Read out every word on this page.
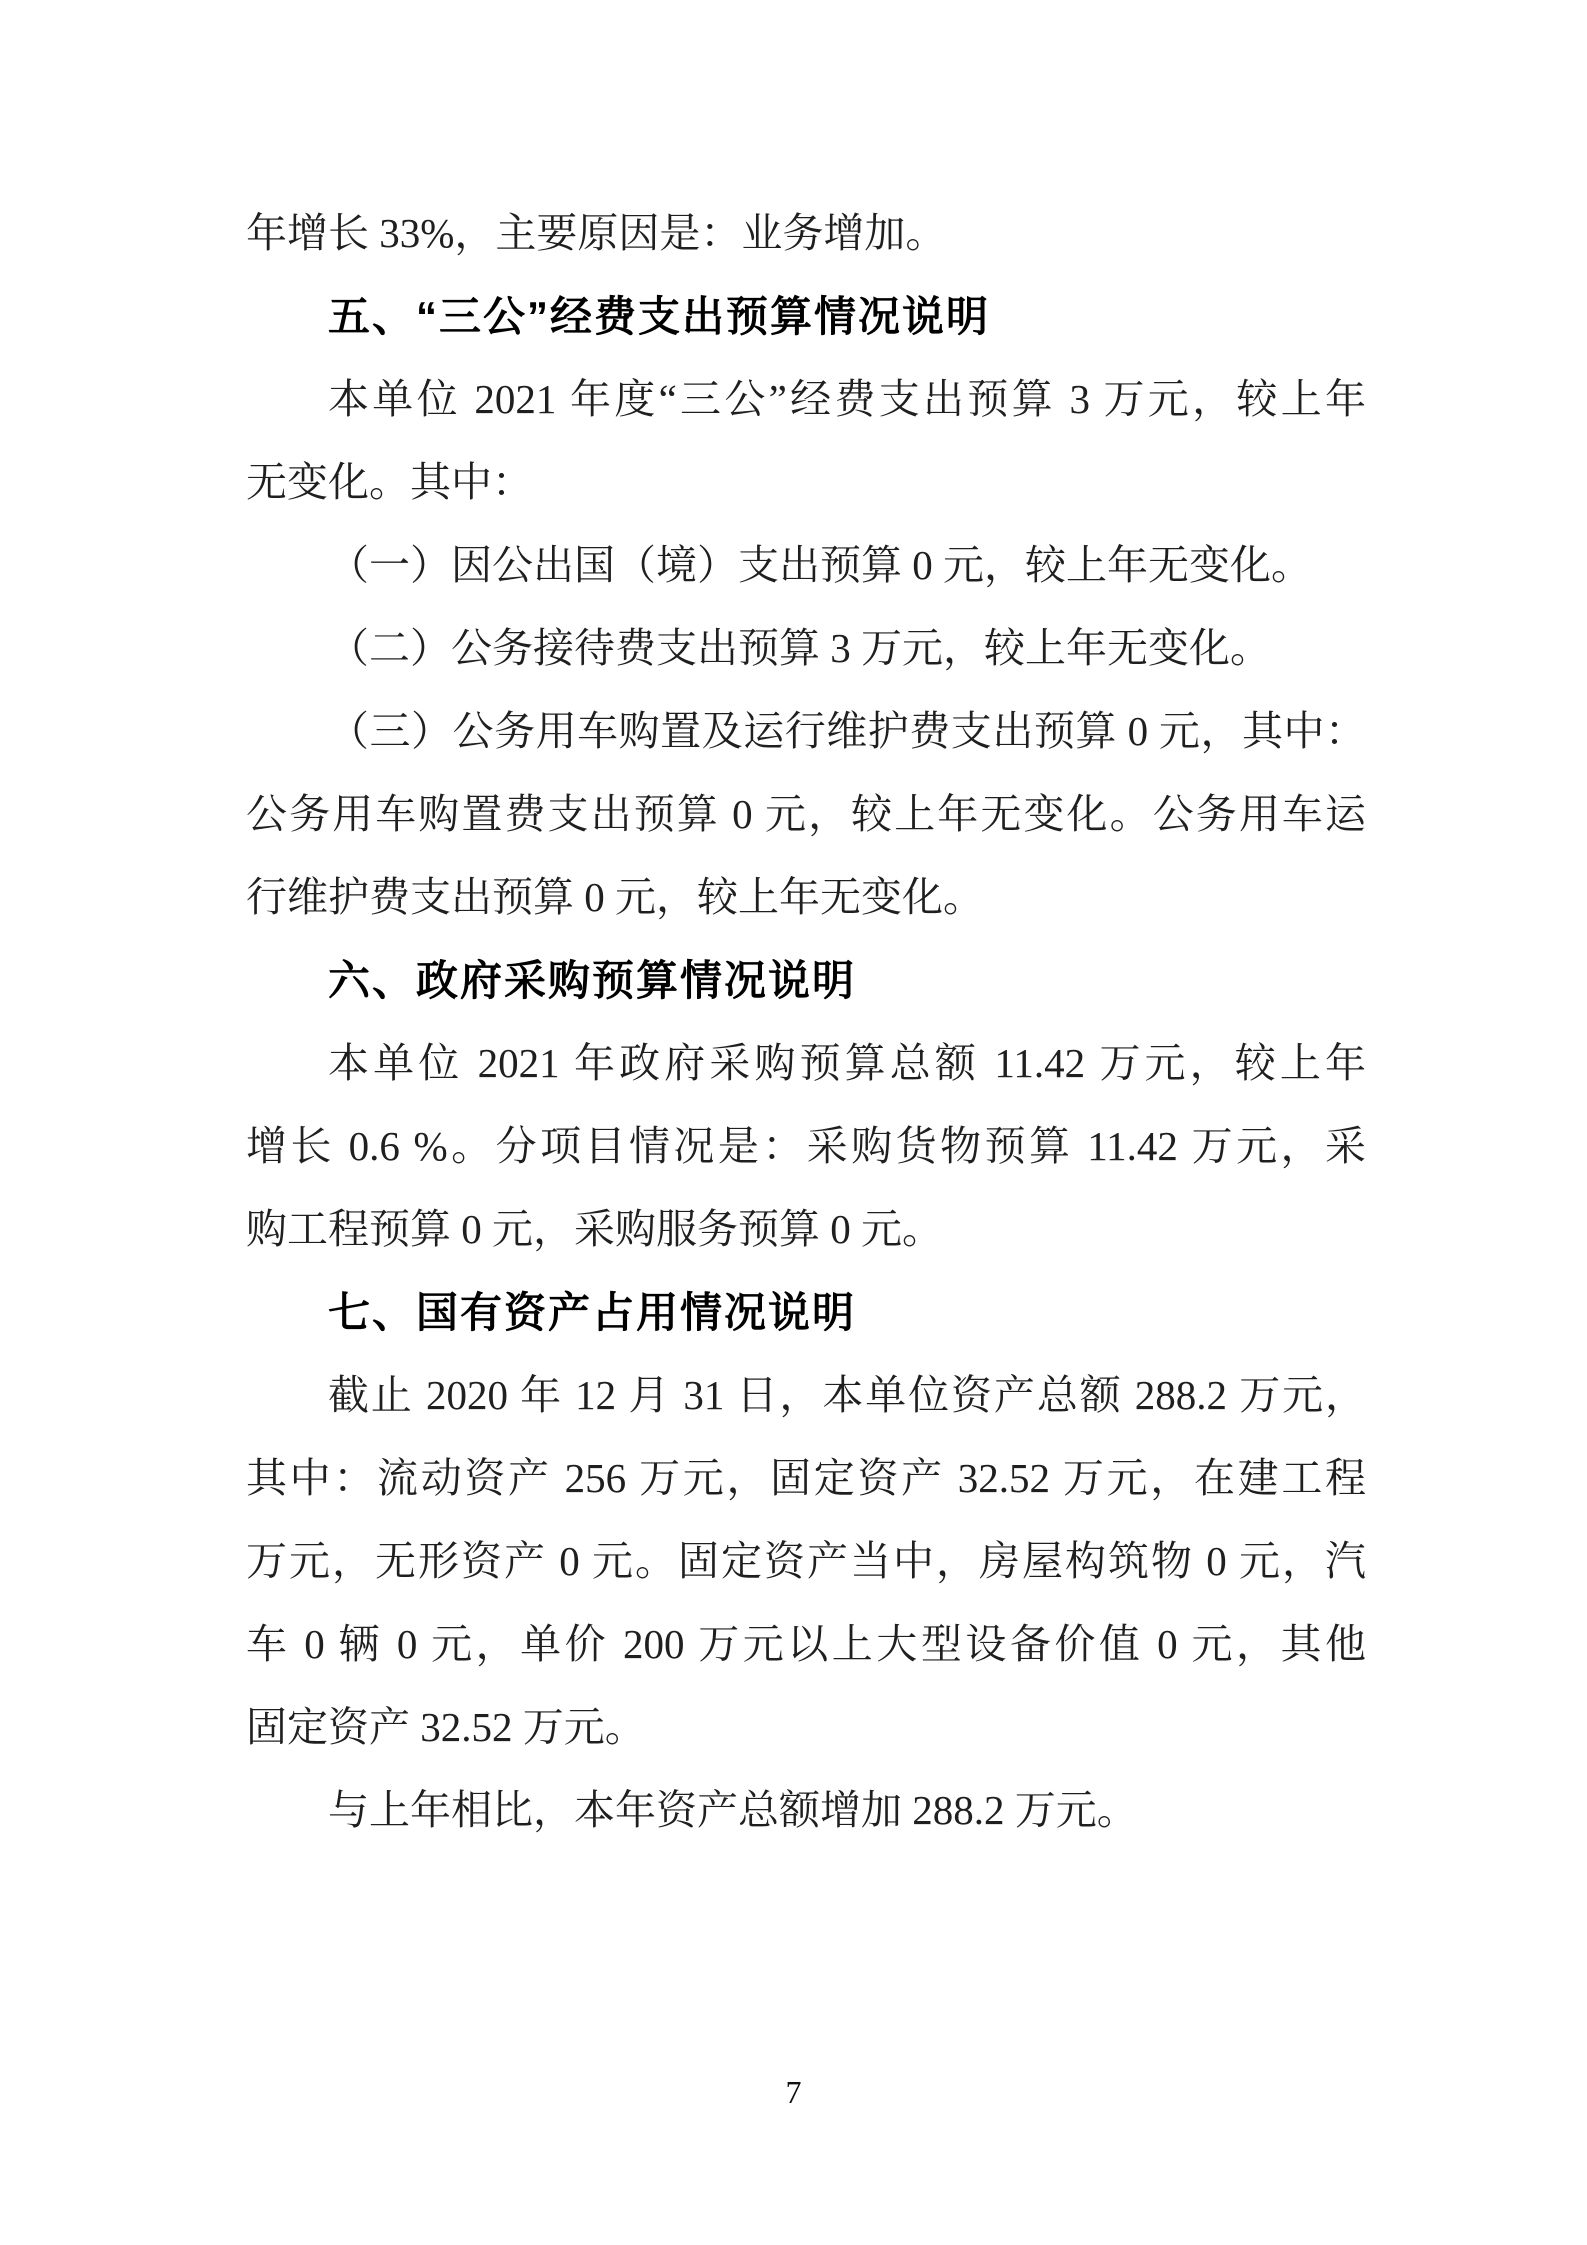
年增长 33%，主要原因是：业务增加。
五、“三公”经费支出预算情况说明
本单位 2021 年度“三公”经费支出预算 3 万元，较上年
无变化。其中：
（一）因公出国（境）支出预算 0 元，较上年无变化。
（二）公务接待费支出预算 3 万元，较上年无变化。
（三）公务用车购置及运行维护费支出预算 0 元，其中：
公务用车购置费支出预算 0 元，较上年无变化。公务用车运
行维护费支出预算 0 元，较上年无变化。
六、政府采购预算情况说明
本单位 2021 年政府采购预算总额 11.42 万元，较上年
增长 0.6 %。分项目情况是：采购货物预算 11.42 万元，采
购工程预算 0 元，采购服务预算 0 元。
七、国有资产占用情况说明
截止 2020 年 12 月 31 日，本单位资产总额 288.2 万元，
其中：流动资产 256 万元，固定资产 32.52 万元，在建工程
万元，无形资产 0 元。固定资产当中，房屋构筑物 0 元，汽
车 0 辆 0 元，单价 200 万元以上大型设备价值 0 元，其他
固定资产 32.52 万元。
与上年相比，本年资产总额增加 288.2 万元。
7
